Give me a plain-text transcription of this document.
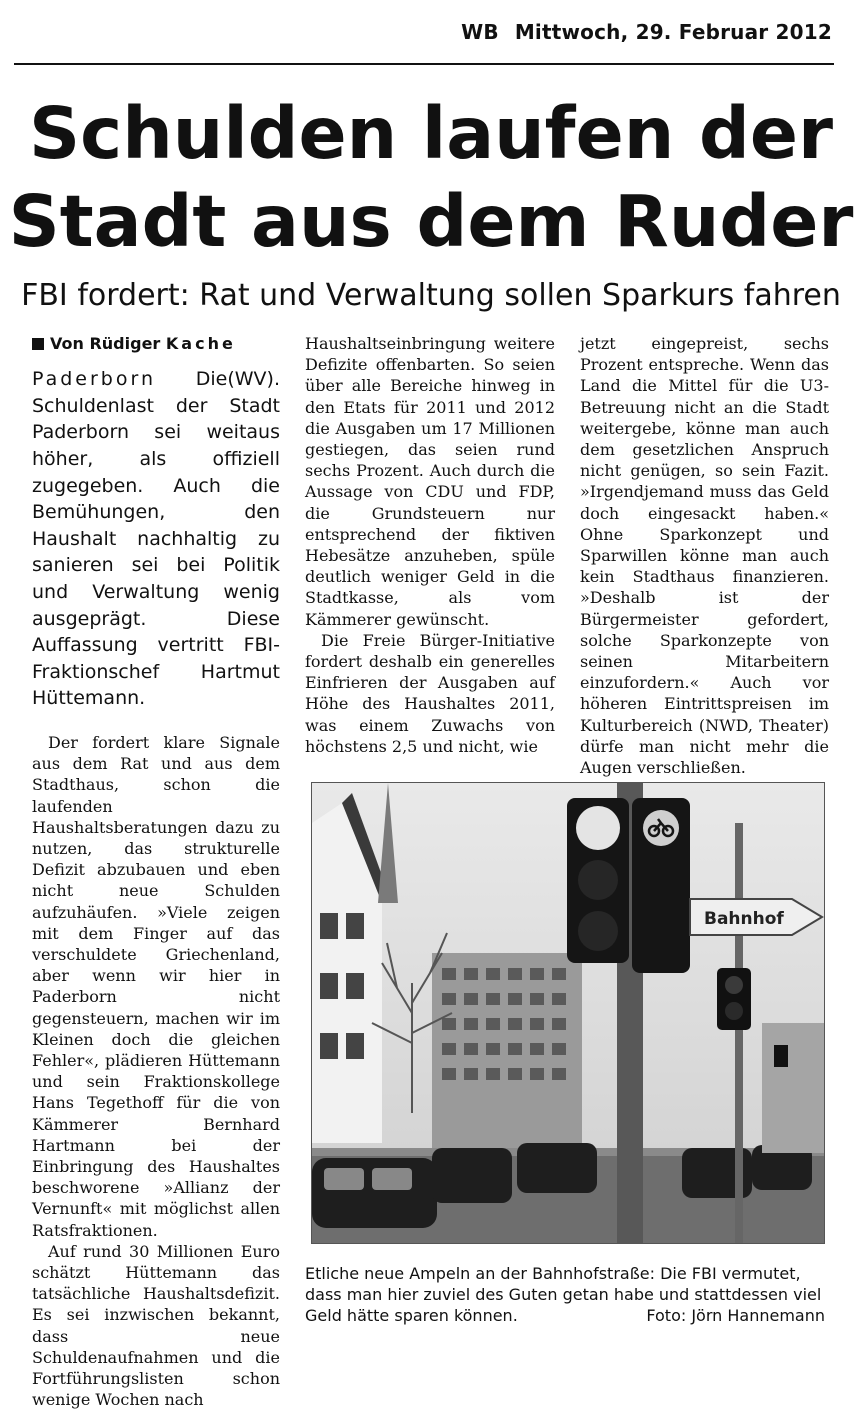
WB Mittwoch, 29. Februar 2012
Schulden laufen der
Stadt aus dem Ruder
FBI fordert: Rat und Verwaltung sollen Sparkurs fahren
Von Rüdiger Kache
Paderborn	(WV).
Die Schuldenlast der Stadt Paderborn sei weitaus höher, als offiziell zugegeben. Auch die Bemühungen, den Haushalt nachhaltig zu sanieren sei bei Politik und Verwaltung wenig ausgeprägt. Diese Auffassung vertritt FBI-Fraktionschef Hartmut Hüttemann.

Der fordert klare Signale aus dem Rat und aus dem Stadthaus, schon die laufenden Haushaltsberatungen dazu zu nutzen, das strukturelle Defizit abzubauen und eben nicht neue Schulden aufzuhäufen. »Viele zeigen mit dem Finger auf das verschuldete Griechenland, aber wenn wir hier in Paderborn nicht gegensteuern, machen wir im Kleinen doch die gleichen Fehler«, plädieren Hüttemann und sein Fraktionskollege Hans Tegethoff für die von Kämmerer Bernhard Hartmann bei der Einbringung des Haushaltes beschworene »Allianz der Vernunft« mit möglichst allen Ratsfraktionen.

Auf rund 30 Millionen Euro schätzt Hüttemann das tatsächliche Haushaltsdefizit. Es sei inzwischen bekannt, dass neue Schuldenaufnahmen und die Fortführungslisten schon wenige Wochen nach

Haushaltseinbringung weitere Defizite offenbarten. So seien über alle Bereiche hinweg in den Etats für 2011 und 2012 die Ausgaben um 17 Millionen gestiegen, das seien rund sechs Prozent. Auch durch die Aussage von CDU und FDP, die Grundsteuern nur entsprechend der fiktiven Hebesätze anzuheben, spüle deutlich weniger Geld in die Stadtkasse, als vom Kämmerer gewünscht.

Die Freie Bürger-Initiative fordert deshalb ein generelles Einfrieren der Ausgaben auf Höhe des Haushaltes 2011, was einem Zuwachs von höchstens 2,5 und nicht, wie

jetzt eingepreist, sechs Prozent entspreche. Wenn das Land die Mittel für die U3-Betreuung nicht an die Stadt weitergebe, könne man auch dem gesetzlichen Anspruch nicht genügen, so sein Fazit. »Irgendjemand muss das Geld doch eingesackt haben.« Ohne Sparkonzept und Sparwillen könne man auch kein Stadthaus finanzieren. »Deshalb ist der Bürgermeister gefordert, solche Sparkonzepte von seinen Mitarbeitern einzufordern.« Auch vor höheren Eintrittspreisen im Kulturbereich (NWD, Theater) dürfe man nicht mehr die Augen verschließen.

Bahnhof
Etliche neue Ampeln an der Bahnhofstraße: Die FBI vermutet, dass man hier zuviel des Guten getan habe und stattdessen viel Geld hätte sparen können.	Foto: Jörn Hannemann
